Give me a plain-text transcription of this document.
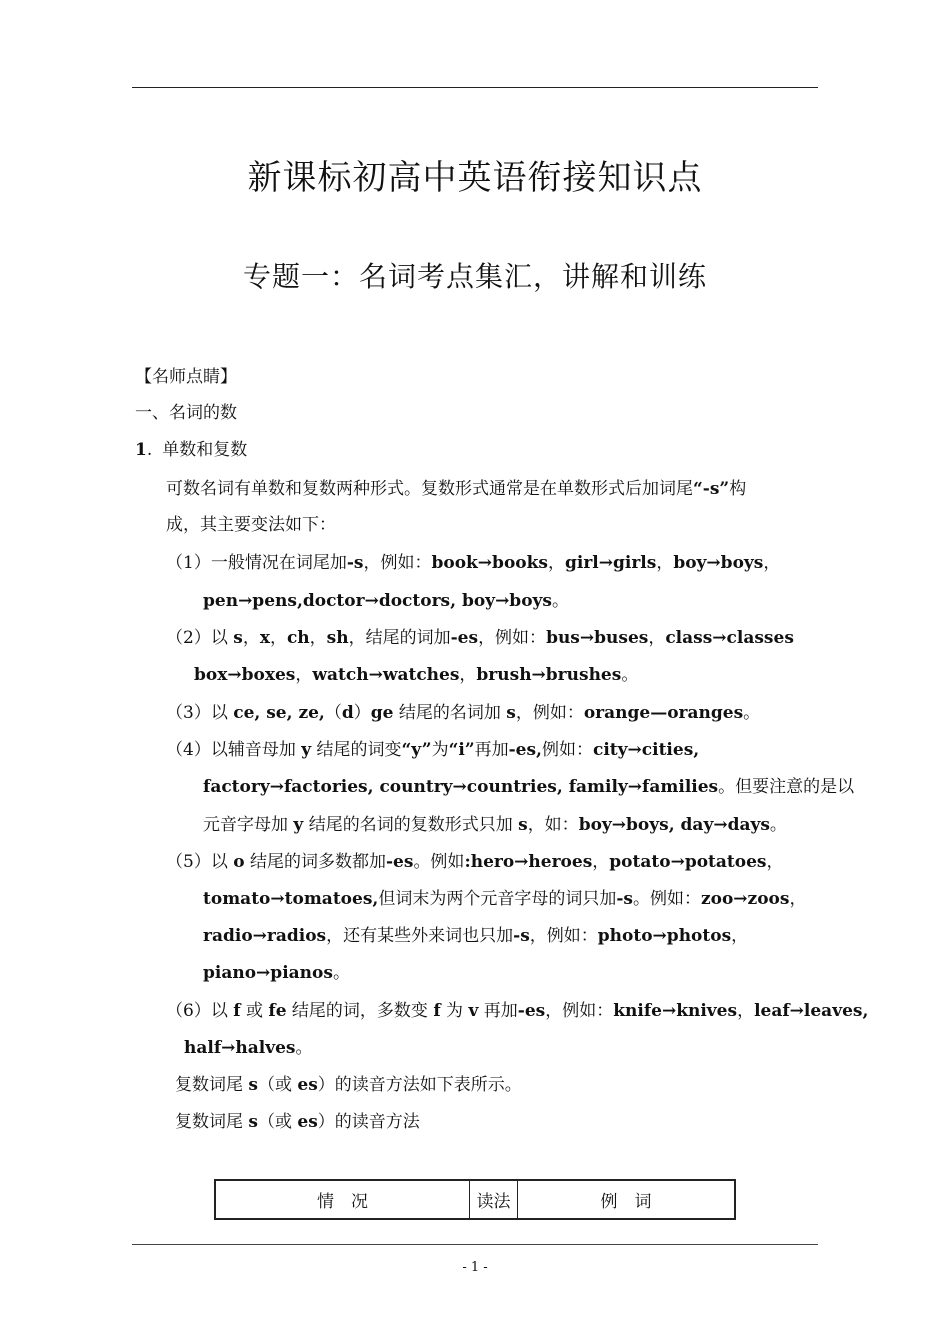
新课标初高中英语衔接知识点
专题一：名词考点集汇，讲解和训练
【名师点睛】
一、名词的数
1. 单数和复数
可数名词有单数和复数两种形式。复数形式通常是在单数形式后加词尾“-s”构
成，其主要变法如下：
（1）一般情况在词尾加-s，例如：book→books，girl→girls，boy→boys，
pen→pens,doctor→doctors, boy→boys。
（2）以 s，x，ch，sh，结尾的词加-es，例如：bus→buses，class→classes
box→boxes，watch→watches，brush→brushes。
（3）以 ce, se, ze,（d）ge 结尾的名词加 s，例如：orange—oranges。
（4）以辅音母加 y 结尾的词变“y”为“i”再加-es,例如：city→cities,
factory→factories, country→countries, family→families。但要注意的是以
元音字母加 y 结尾的名词的复数形式只加 s，如：boy→boys, day→days。
（5）以 o 结尾的词多数都加-es。例如:hero→heroes，potato→potatoes，
tomato→tomatoes,但词末为两个元音字母的词只加-s。例如：zoo→zoos，
radio→radios，还有某些外来词也只加-s，例如：photo→photos，
piano→pianos。
（6）以 f 或 fe 结尾的词，多数变 f 为 v 再加-es，例如：knife→knives，leaf→leaves,
half→halves。
复数词尾 s（或 es）的读音方法如下表所示。
复数词尾 s（或 es）的读音方法
情　况	读法	例　词
- 1 -
